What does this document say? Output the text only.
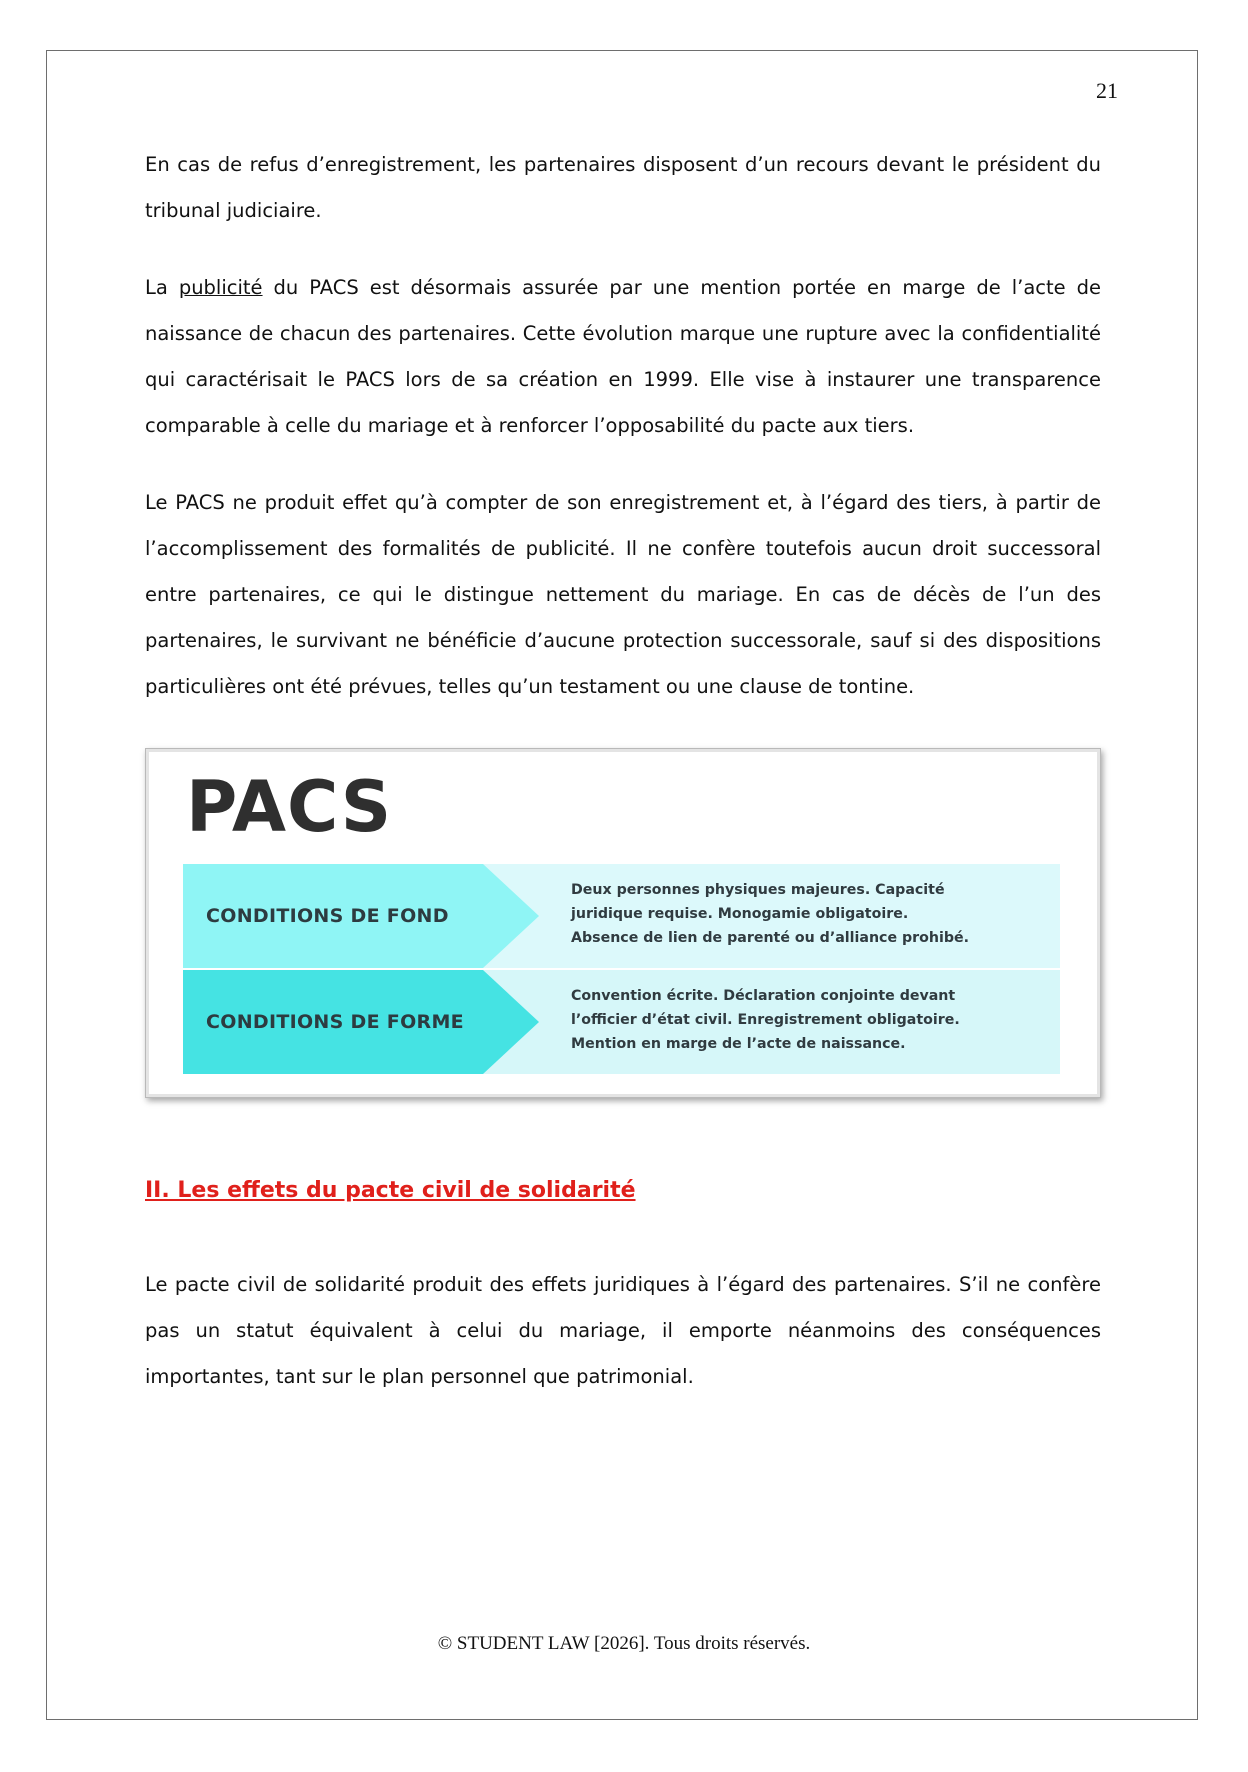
21

En cas de refus d’enregistrement, les partenaires disposent d’un recours devant le président du tribunal judiciaire.

La publicité du PACS est désormais assurée par une mention portée en marge de l’acte de naissance de chacun des partenaires. Cette évolution marque une rupture avec la confidentialité qui caractérisait le PACS lors de sa création en 1999. Elle vise à instaurer une transparence comparable à celle du mariage et à renforcer l’opposabilité du pacte aux tiers.

Le PACS ne produit effet qu’à compter de son enregistrement et, à l’égard des tiers, à partir de l’accomplissement des formalités de publicité. Il ne confère toutefois aucun droit successoral entre partenaires, ce qui le distingue nettement du mariage. En cas de décès de l’un des partenaires, le survivant ne bénéficie d’aucune protection successorale, sauf si des dispositions particulières ont été prévues, telles qu’un testament ou une clause de tontine.

PACS
CONDITIONS DE FOND
Deux personnes physiques majeures. Capacité
juridique requise. Monogamie obligatoire.
Absence de lien de parenté ou d’alliance prohibé.
CONDITIONS DE FORME
Convention écrite. Déclaration conjointe devant
l’officier d’état civil. Enregistrement obligatoire.
Mention en marge de l’acte de naissance.
II. Les effets du pacte civil de solidarité

Le pacte civil de solidarité produit des effets juridiques à l’égard des partenaires. S’il ne confère pas un statut équivalent à celui du mariage, il emporte néanmoins des conséquences importantes, tant sur le plan personnel que patrimonial.

© STUDENT LAW [2026]. Tous droits réservés.
